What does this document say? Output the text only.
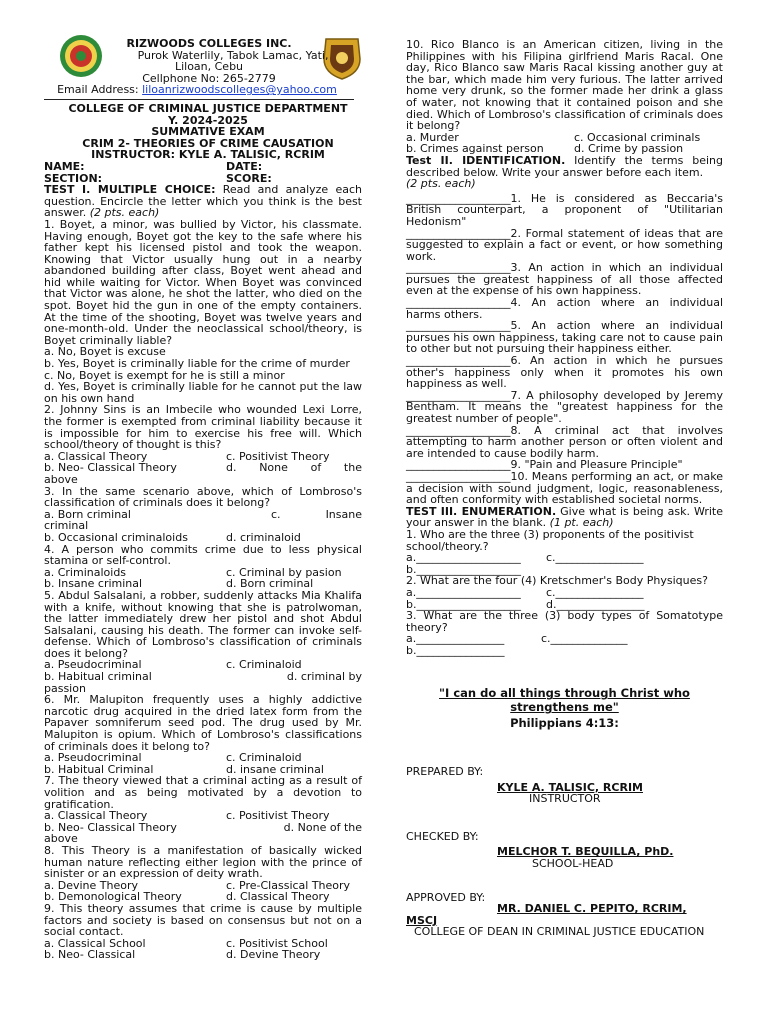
RIZWOODS COLLEGES INC.

Purok Waterlily, Tabok Lamac, Yati,

Liloan, Cebu

Cellphone No: 265-2779

Email Address: liloanrizwoodscolleges@yahoo.com

COLLEGE OF CRIMINAL JUSTICE DEPARTMENT

Y. 2024-2025

SUMMATIVE EXAM

CRIM 2- THEORIES OF CRIME CAUSATION

INSTRUCTOR: KYLE A. TALISIC, RCRIM

NAME:	DATE:
SECTION:	SCORE:

TEST I. MULTIPLE CHOICE: Read and analyze each question. Encircle the letter which you think is the best answer. (2 pts. each)

1. Boyet, a minor, was bullied by Victor, his classmate. Having enough, Boyet got the key to the safe where his father kept his licensed pistol and took the weapon. Knowing that Victor usually hung out in a nearby abandoned building after class, Boyet went ahead and hid while waiting for Victor. When Boyet was convinced that Victor was alone, he shot the latter, who died on the spot. Boyet hid the gun in one of the empty containers. At the time of the shooting, Boyet was twelve years and one-month-old. Under the neoclassical school/theory, is Boyet criminally liable?

a. No, Boyet is excuse

b. Yes, Boyet is criminally liable for the crime of murder

c. No, Boyet is exempt for he is still a minor

d. Yes, Boyet is criminally liable for he cannot put the law on his own hand

2. Johnny Sins is an Imbecile who wounded Lexi Lorre, the former is exempted from criminal liability because it is impossible for him to exercise his free will. Which school/theory of thought is this?

a. Classical Theory	c. Positivist Theory
b. Neo- Classical Theory	d. None of the

above

3. In the same scenario above, which of Lombroso's classification of criminals does it belong?

a. Born criminal	c.	Insane

criminal

b. Occasional criminaloids	d. criminaloid

4. A person who commits crime due to less physical stamina or self-control.

a. Criminaloids	c. Criminal by pasion
b. Insane criminal	d. Born criminal

5. Abdul Salsalani, a robber, suddenly attacks Mia Khalifa with a knife, without knowing that she is patrolwoman, the latter immediately drew her pistol and shot Abdul Salsalani, causing his death. The former can invoke self-defense. Which of Lombroso's classification of criminals does it belong?

a. Pseudocriminal	c. Criminaloid
b. Habitual criminal	d. criminal by

passion

6. Mr. Malupiton frequently uses a highly addictive narcotic drug acquired in the dried latex form from the Papaver somniferum seed pod. The drug used by Mr. Malupiton is opium. Which of Lombroso's classifications of criminals does it belong to?

a. Pseudocriminal	c. Criminaloid
b. Habitual Criminal	d. insane criminal

7. The theory viewed that a criminal acting as a result of volition and as being motivated by a devotion to gratification.

a. Classical Theory	c. Positivist Theory
b. Neo- Classical Theory	d. None of the

above

8. This Theory is a manifestation of basically wicked human nature reflecting either legion with the prince of sinister or an expression of deity wrath.

a. Devine Theory	c. Pre-Classical Theory
b. Demonological Theory	d. Classical Theory

9. This theory assumes that crime is cause by multiple factors and society is based on consensus but not on a social contact.

a. Classical School	c. Positivist School
b. Neo- Classical	d. Devine Theory

10. Rico Blanco is an American citizen, living in the Philippines with his Filipina girlfriend Maris Racal. One day, Rico Blanco saw Maris Racal kissing another guy at the bar, which made him very furious. The latter arrived home very drunk, so the former made her drink a glass of water, not knowing that it contained poison and she died. Which of Lombroso's classification of criminals does it belong?

a. Murder	c. Occasional criminals
b. Crimes against person	d. Crime by passion

Test II. IDENTIFICATION. Identify the terms being described below. Write your answer before each item.

(2 pts. each)

___________________1. He is considered as Beccaria's British counterpart, a proponent of "Utilitarian Hedonism"

___________________2. Formal statement of ideas that are suggested to explain a fact or event, or how something work.

___________________3. An action in which an individual pursues the greatest happiness of all those affected even at the expense of his own happiness.

___________________4. An action where an individual harms others.

___________________5. An action where an individual pursues his own happiness, taking care not to cause pain to other but not pursuing their happiness either.

___________________6. An action in which he pursues other's happiness only when it promotes his own happiness as well.

___________________7. A philosophy developed by Jeremy Bentham. It means the "greatest happiness for the greatest number of people".

___________________8. A criminal act that involves attempting to harm another person or often violent and are intended to cause bodily harm.

___________________9. "Pain and Pleasure Principle"

___________________10. Means performing an act, or make a decision with sound judgment, logic, reasonableness, and often conformity with established societal norms.

TEST III. ENUMERATION. Give what is being ask. Write your answer in the blank. (1 pt. each)

1. Who are the three (3) proponents of the positivist school/theory.?

a.___________________	c.________________

b.___________________

2. What are the four (4) Kretschmer's Body Physiques?

a.___________________	c.________________
b.___________________	d.________________

3. What are the three (3) body types of Somatotype theory?

a.________________	c.______________

b.________________

"I can do all things through Christ who strengthens me"

Philippians 4:13:

PREPARED BY:

KYLE A. TALISIC, RCRIM

INSTRUCTOR

CHECKED BY:

MELCHOR T. BEQUILLA, PhD.

SCHOOL-HEAD

APPROVED BY:

MR. DANIEL C. PEPITO, RCRIM,

MSCJ

COLLEGE OF DEAN IN CRIMINAL JUSTICE EDUCATION
